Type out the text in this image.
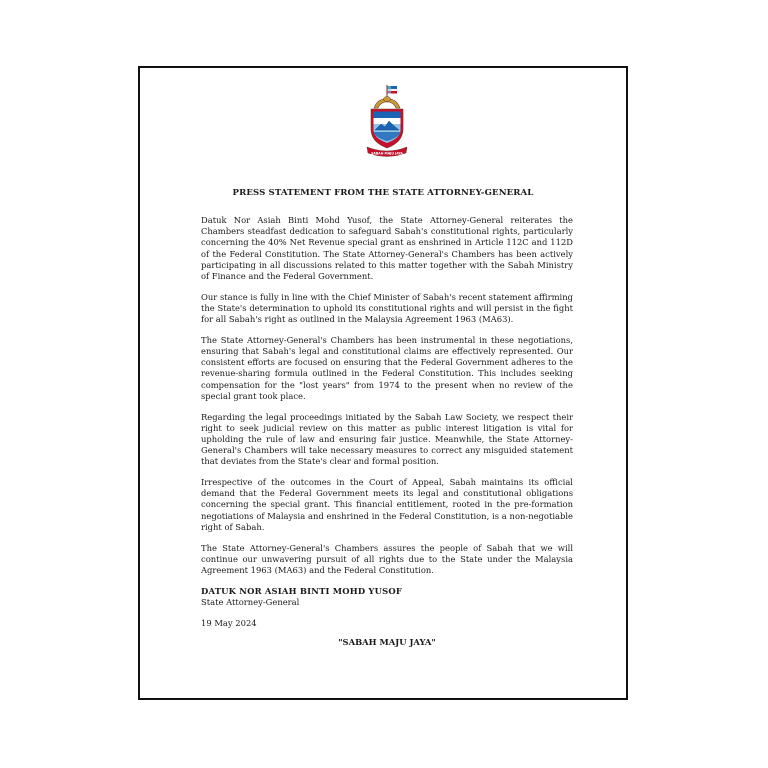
SABAH MAJU JAYA
PRESS STATEMENT FROM THE STATE ATTORNEY-GENERAL

Datuk Nor Asiah Binti Mohd Yusof, the State Attorney-General reiterates the Chambers steadfast dedication to safeguard Sabah's constitutional rights, particularly concerning the 40% Net Revenue special grant as enshrined in Article 112C and 112D of the Federal Constitution. The State Attorney-General's Chambers has been actively participating in all discussions related to this matter together with the Sabah Ministry of Finance and the Federal Government.

Our stance is fully in line with the Chief Minister of Sabah's recent statement affirming the State's determination to uphold its constitutional rights and will persist in the fight for all Sabah's right as outlined in the Malaysia Agreement 1963 (MA63).

The State Attorney-General's Chambers has been instrumental in these negotiations, ensuring that Sabah's legal and constitutional claims are effectively represented. Our consistent efforts are focused on ensuring that the Federal Government adheres to the revenue-sharing formula outlined in the Federal Constitution. This includes seeking compensation for the "lost years" from 1974 to the present when no review of the special grant took place.

Regarding the legal proceedings initiated by the Sabah Law Society, we respect their right to seek judicial review on this matter as public interest litigation is vital for upholding the rule of law and ensuring fair justice. Meanwhile, the State Attorney- General's Chambers will take necessary measures to correct any misguided statement that deviates from the State's clear and formal position.

Irrespective of the outcomes in the Court of Appeal, Sabah maintains its official demand that the Federal Government meets its legal and constitutional obligations concerning the special grant. This financial entitlement, rooted in the pre-formation negotiations of Malaysia and enshrined in the Federal Constitution, is a non-negotiable right of Sabah.

The State Attorney-General's Chambers assures the people of Sabah that we will continue our unwavering pursuit of all rights due to the State under the Malaysia Agreement 1963 (MA63) and the Federal Constitution.

DATUK NOR ASIAH BINTI MOHD YUSOF
State Attorney-General
19 May 2024
"SABAH MAJU JAYA"
